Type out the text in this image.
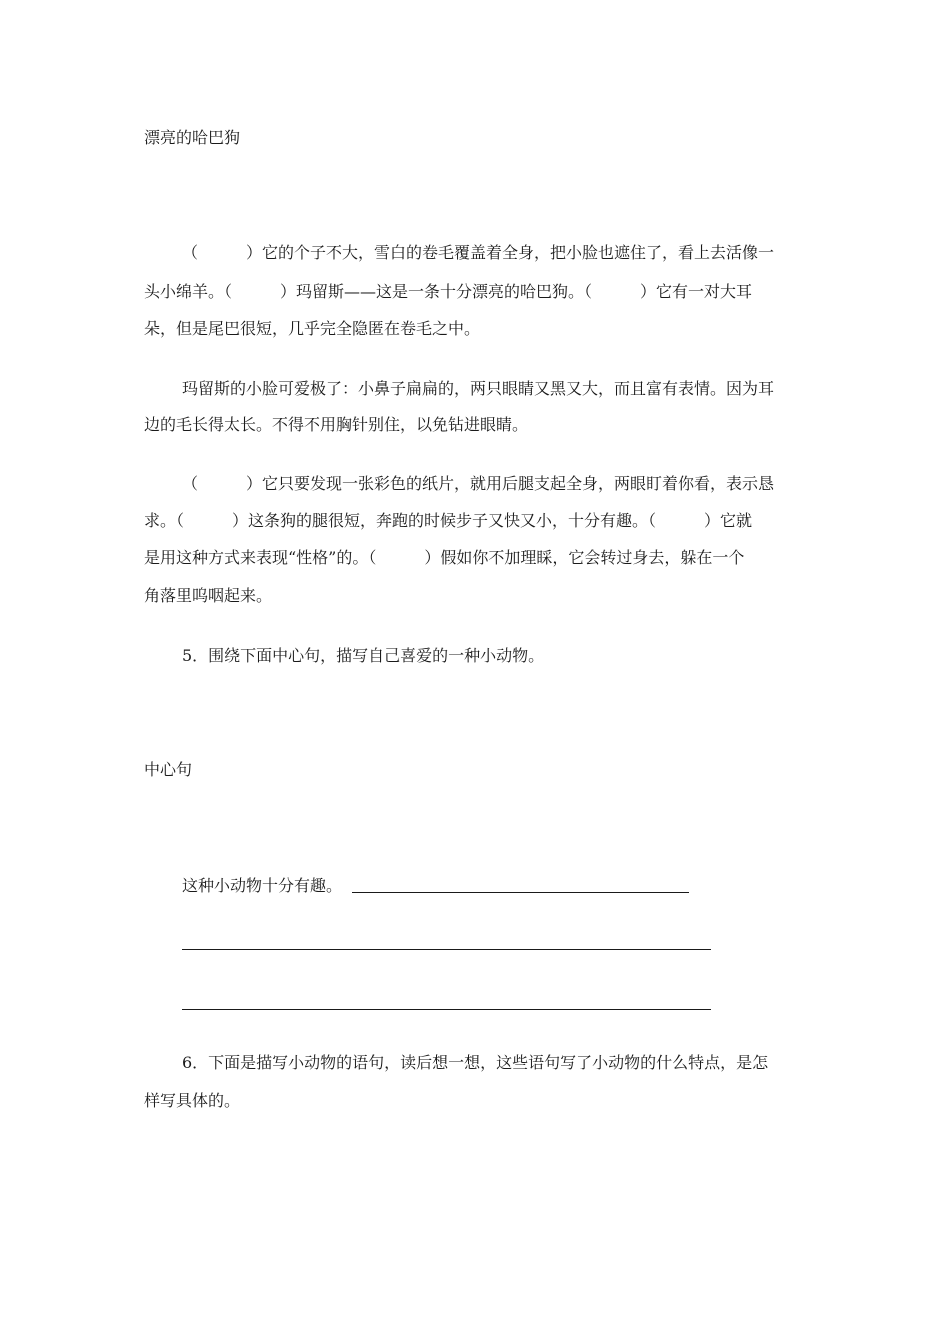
漂亮的哈巴狗
（　　　）它的个子不大，雪白的卷毛覆盖着全身，把小脸也遮住了，看上去活像一
头小绵羊。（　　　）玛留斯——这是一条十分漂亮的哈巴狗。（　　　）它有一对大耳
朵，但是尾巴很短，几乎完全隐匿在卷毛之中。
玛留斯的小脸可爱极了：小鼻子扁扁的，两只眼睛又黑又大，而且富有表情。因为耳
边的毛长得太长。不得不用胸针别住，以免钻进眼睛。
（　　　）它只要发现一张彩色的纸片，就用后腿支起全身，两眼盯着你看，表示恳
求。（　　　）这条狗的腿很短，奔跑的时候步子又快又小，十分有趣。（　　　）它就
是用这种方式来表现“性格”的。（　　　）假如你不加理睬，它会转过身去，躲在一个
角落里呜咽起来。
5．围绕下面中心句，描写自己喜爱的一种小动物。
中心句
这种小动物十分有趣。
6．下面是描写小动物的语句，读后想一想，这些语句写了小动物的什么特点，是怎
样写具体的。
